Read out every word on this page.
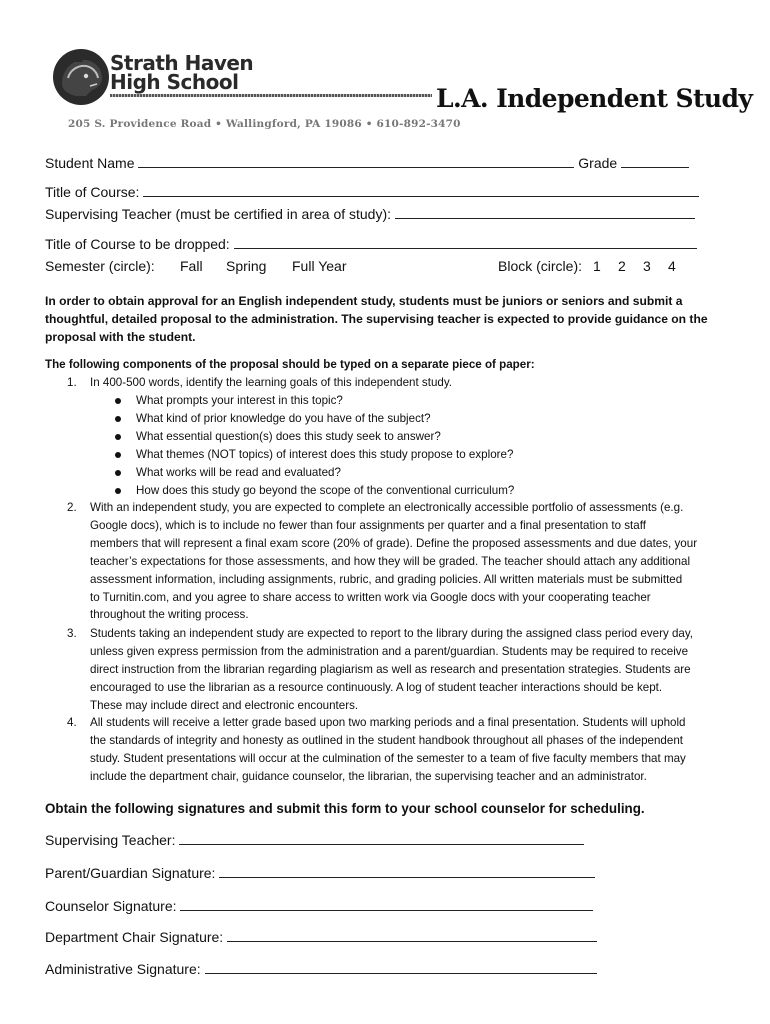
Strath Haven
High School
205 S. Providence Road • Wallingford, PA 19086 • 610-892-3470
L.A. Independent Study
Student Name	Grade
Title of Course:
Supervising Teacher (must be certified in area of study):
Title of Course to be dropped:
Semester (circle): Fall Spring Full Year	Block (circle): 1 2 3 4
In order to obtain approval for an English independent study, students must be juniors or seniors and submit a
thoughtful, detailed proposal to the administration. The supervising teacher is expected to provide guidance on the
proposal with the student.
The following components of the proposal should be typed on a separate piece of paper:
1. In 400-500 words, identify the learning goals of this independent study.
What prompts your interest in this topic?
What kind of prior knowledge do you have of the subject?
What essential question(s) does this study seek to answer?
What themes (NOT topics) of interest does this study propose to explore?
What works will be read and evaluated?
How does this study go beyond the scope of the conventional curriculum?
2. With an independent study, you are expected to complete an electronically accessible portfolio of assessments (e.g.
Google docs), which is to include no fewer than four assignments per quarter and a final presentation to staff
members that will represent a final exam score (20% of grade). Define the proposed assessments and due dates, your
teacher’s expectations for those assessments, and how they will be graded. The teacher should attach any additional
assessment information, including assignments, rubric, and grading policies. All written materials must be submitted
to Turnitin.com, and you agree to share access to written work via Google docs with your cooperating teacher
throughout the writing process.
3. Students taking an independent study are expected to report to the library during the assigned class period every day,
unless given express permission from the administration and a parent/guardian. Students may be required to receive
direct instruction from the librarian regarding plagiarism as well as research and presentation strategies. Students are
encouraged to use the librarian as a resource continuously. A log of student teacher interactions should be kept.
These may include direct and electronic encounters.
4. All students will receive a letter grade based upon two marking periods and a final presentation. Students will uphold
the standards of integrity and honesty as outlined in the student handbook throughout all phases of the independent
study. Student presentations will occur at the culmination of the semester to a team of five faculty members that may
include the department chair, guidance counselor, the librarian, the supervising teacher and an administrator.
Obtain the following signatures and submit this form to your school counselor for scheduling.
Supervising Teacher:
Parent/Guardian Signature:
Counselor Signature:
Department Chair Signature:
Administrative Signature:
